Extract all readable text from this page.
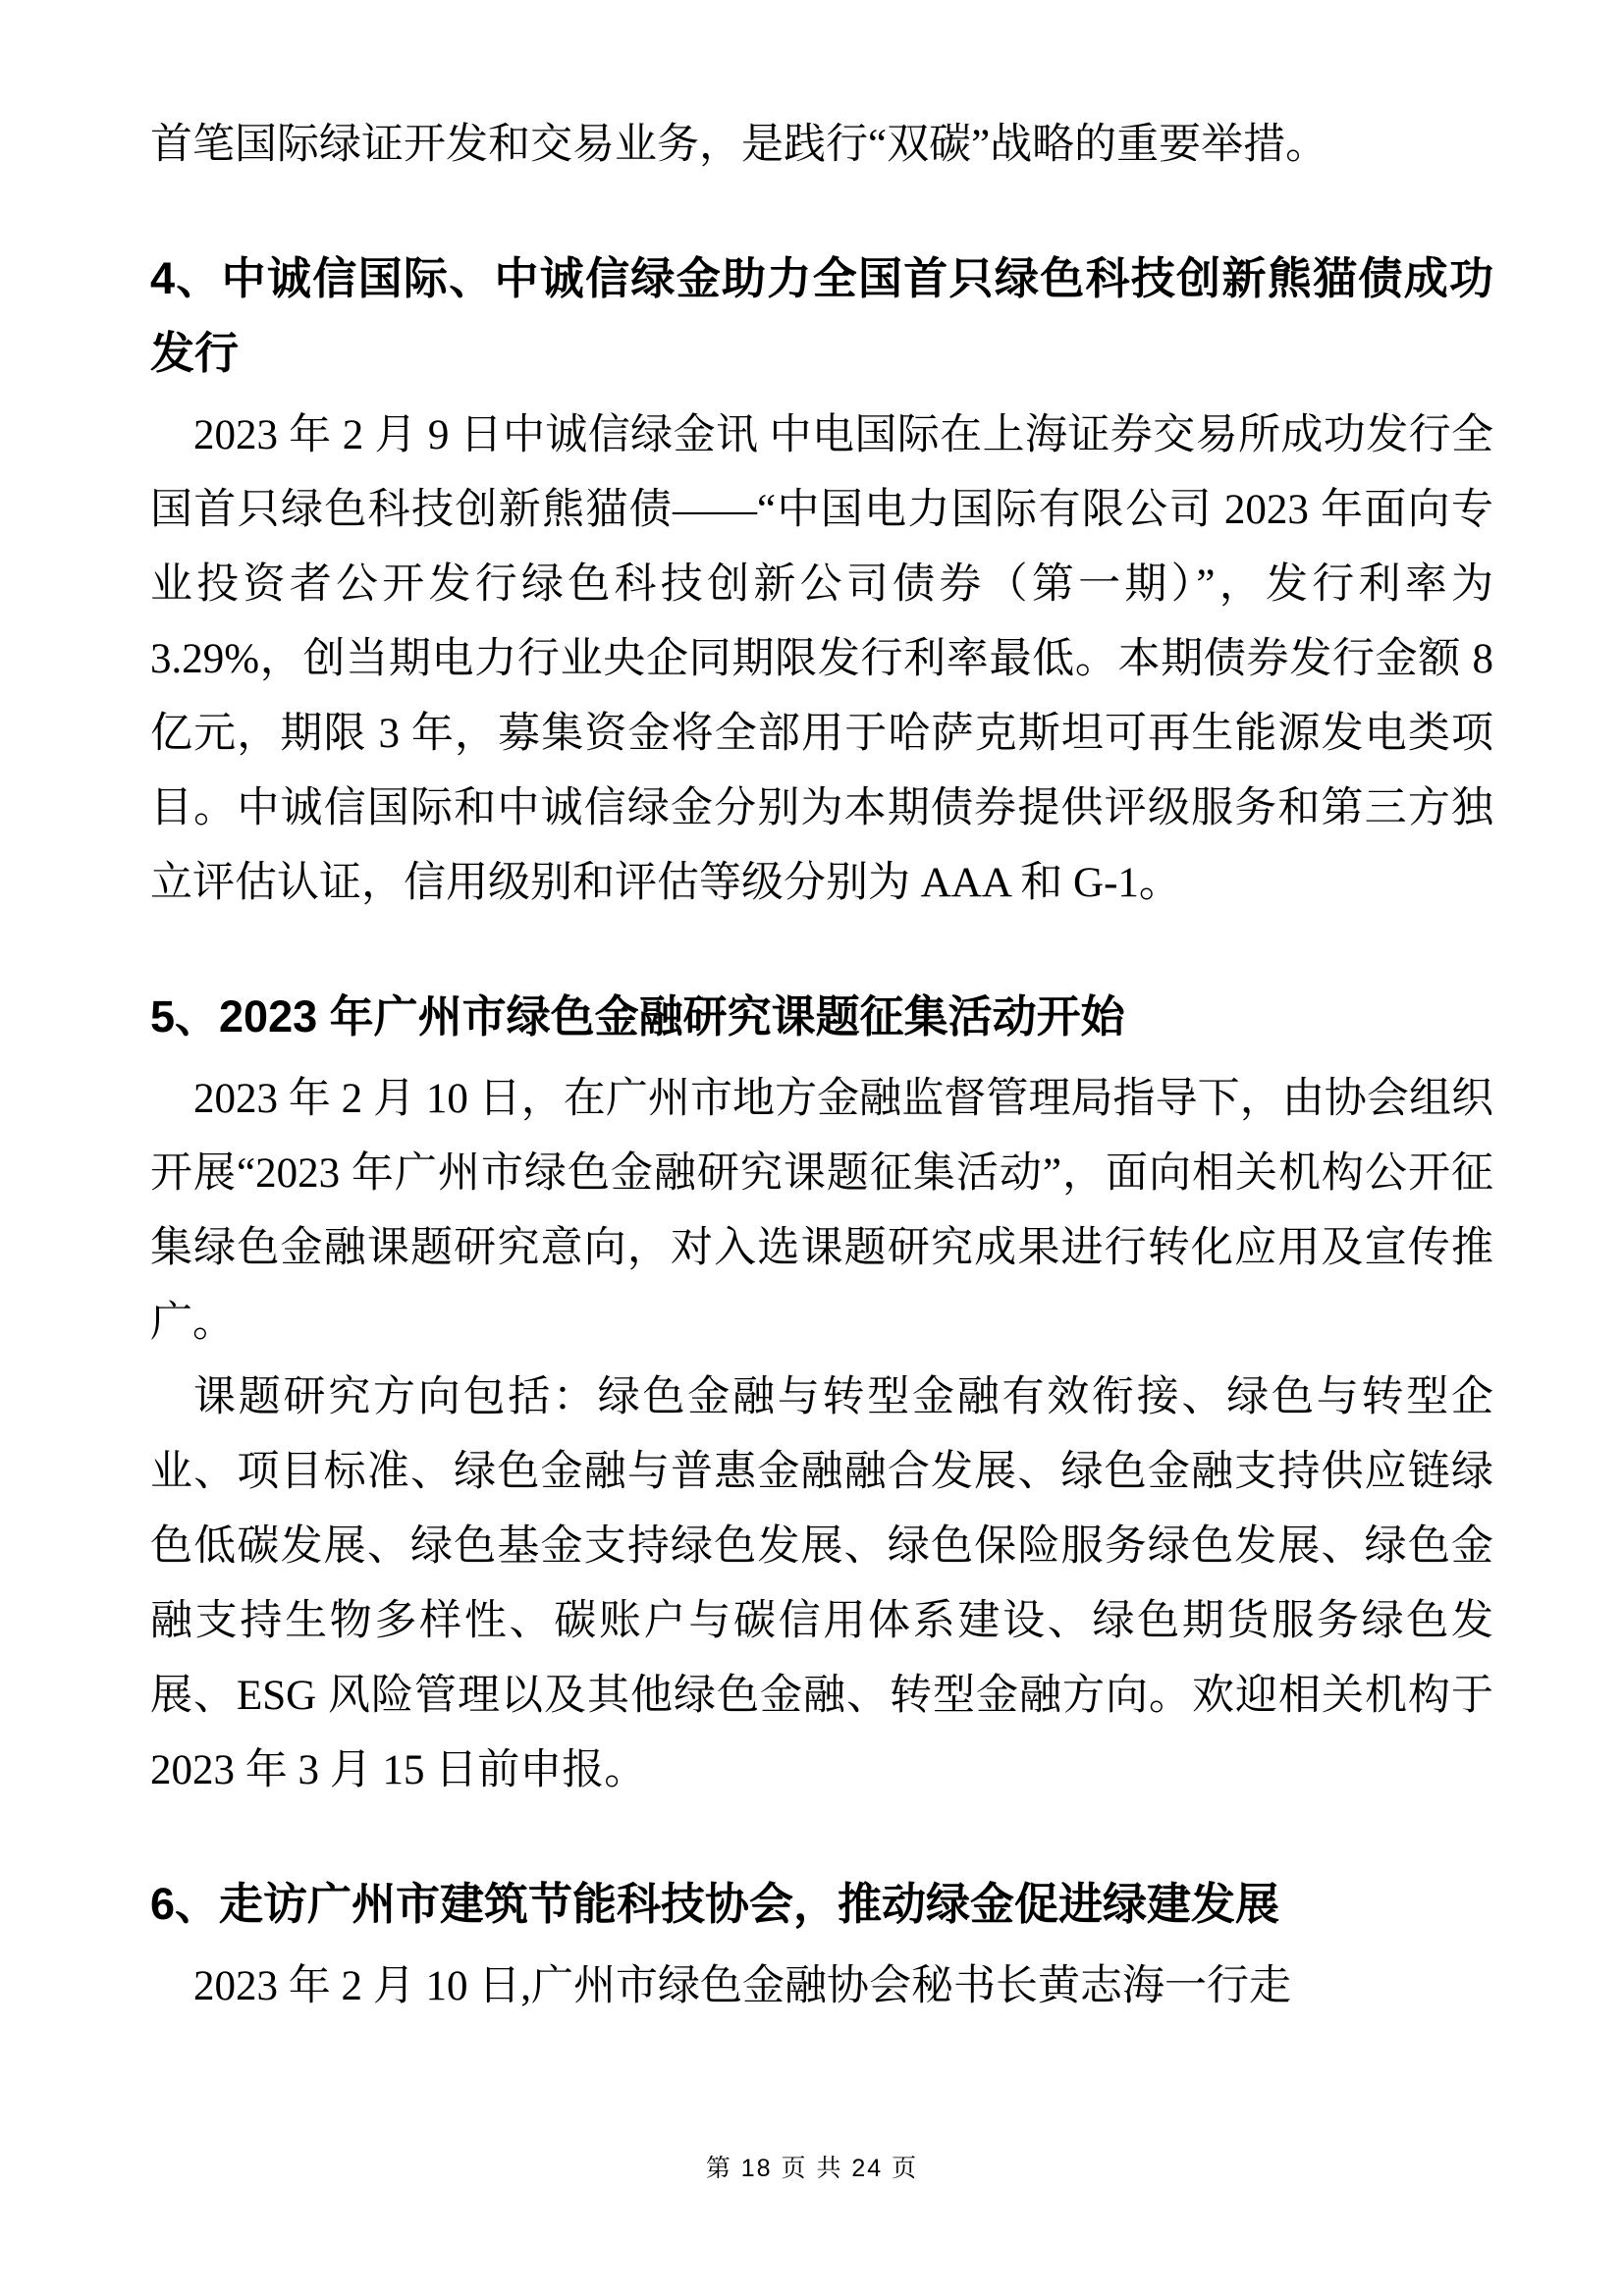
首笔国际绿证开发和交易业务，是践行“双碳”战略的重要举措。
4、中诚信国际、中诚信绿金助力全国首只绿色科技创新熊猫债成功发行
2023 年 2 月 9 日中诚信绿金讯 中电国际在上海证券交易所成功发行全国首只绿色科技创新熊猫债——“中国电力国际有限公司 2023 年面向专业投资者公开发行绿色科技创新公司债券（第一期）”，发行利率为 3.29%，创当期电力行业央企同期限发行利率最低。本期债券发行金额 8 亿元，期限 3 年，募集资金将全部用于哈萨克斯坦可再生能源发电类项目。中诚信国际和中诚信绿金分别为本期债券提供评级服务和第三方独立评估认证，信用级别和评估等级分别为 AAA 和 G-1。
5、2023 年广州市绿色金融研究课题征集活动开始
2023 年 2 月 10 日，在广州市地方金融监督管理局指导下，由协会组织开展“2023 年广州市绿色金融研究课题征集活动”，面向相关机构公开征集绿色金融课题研究意向，对入选课题研究成果进行转化应用及宣传推广。
课题研究方向包括：绿色金融与转型金融有效衔接、绿色与转型企业、项目标准、绿色金融与普惠金融融合发展、绿色金融支持供应链绿色低碳发展、绿色基金支持绿色发展、绿色保险服务绿色发展、绿色金融支持生物多样性、碳账户与碳信用体系建设、绿色期货服务绿色发展、ESG 风险管理以及其他绿色金融、转型金融方向。欢迎相关机构于 2023 年 3 月 15 日前申报。
6、走访广州市建筑节能科技协会，推动绿金促进绿建发展
2023 年 2 月 10 日,广州市绿色金融协会秘书长黄志海一行走
第 18 页 共 24 页
